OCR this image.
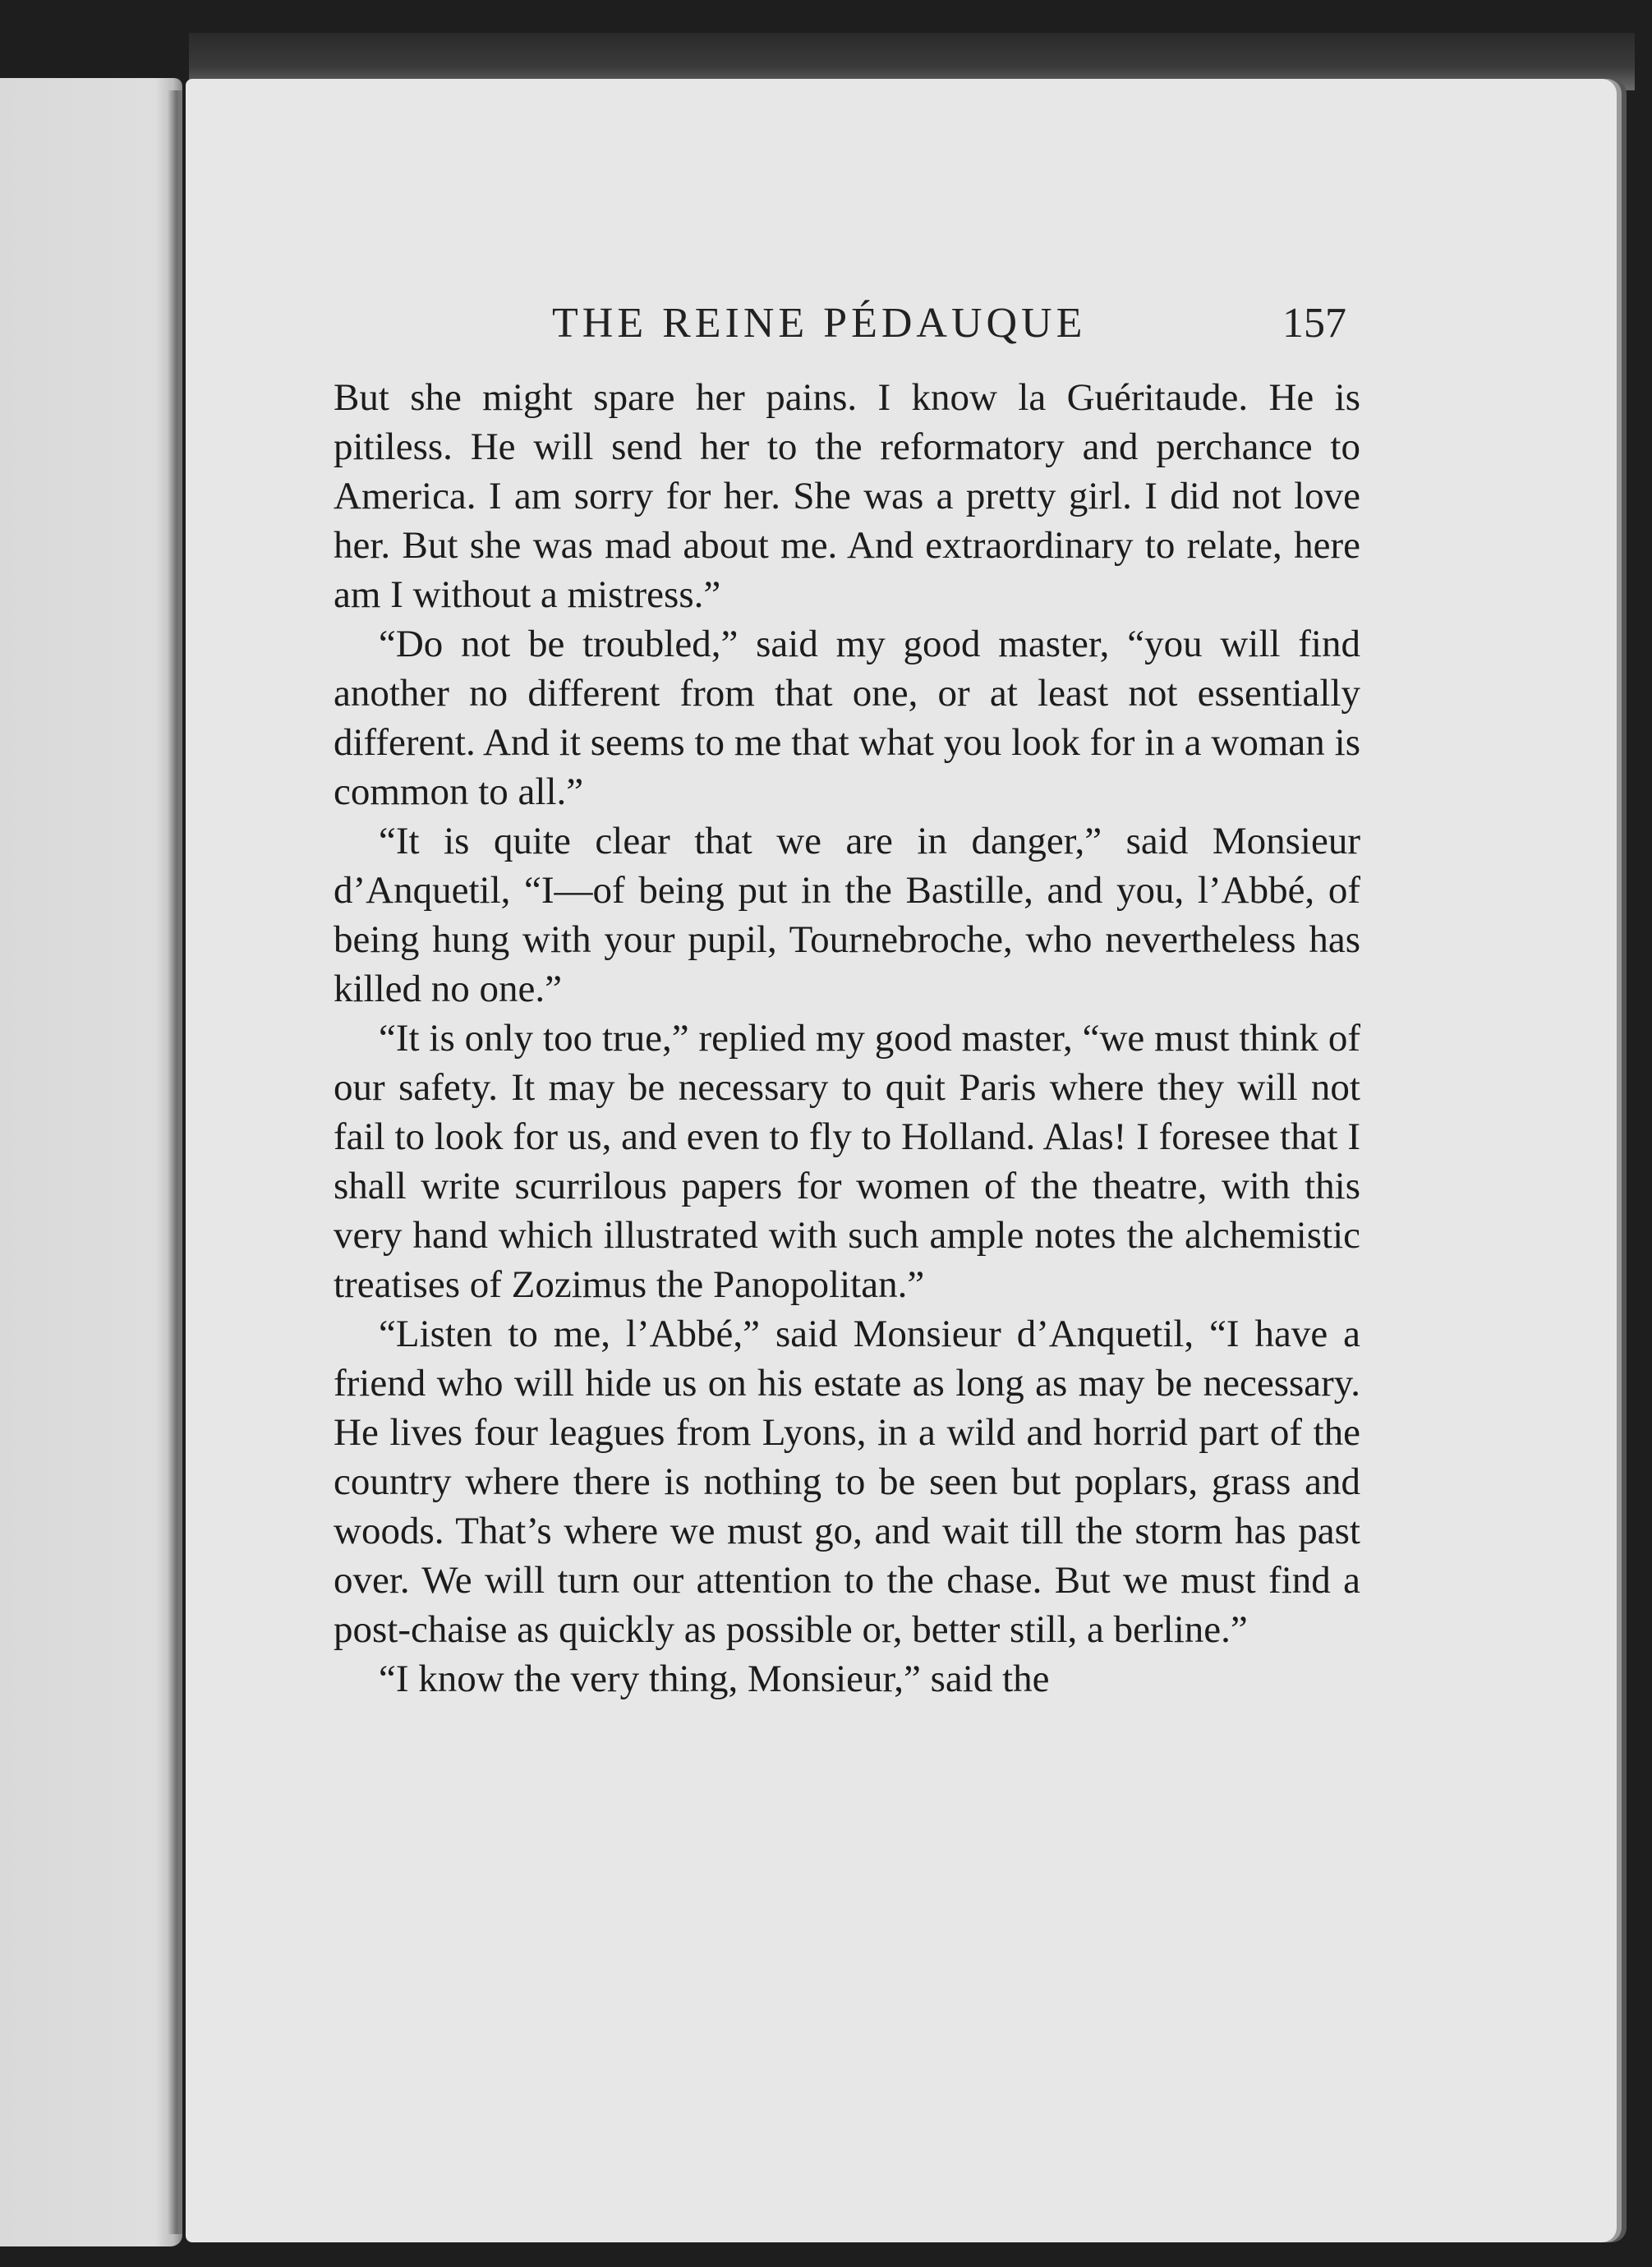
THE REINE PÉDAUQUE	157

But she might spare her pains. I know la Guéritaude. He is pitiless. He will send her to the reformatory and perchance to America. I am sorry for her. She was a pretty girl. I did not love her. But she was mad about me. And extraordinary to relate, here am I without a mistress.”

“Do not be troubled,” said my good master, “you will find another no different from that one, or at least not essentially different. And it seems to me that what you look for in a woman is common to all.”

“It is quite clear that we are in danger,” said Monsieur d’Anquetil, “I—of being put in the Bastille, and you, l’Abbé, of being hung with your pupil, Tournebroche, who nevertheless has killed no one.”

“It is only too true,” replied my good master, “we must think of our safety. It may be necessary to quit Paris where they will not fail to look for us, and even to fly to Holland. Alas! I foresee that I shall write scurrilous papers for women of the theatre, with this very hand which illustrated with such ample notes the alchemistic treatises of Zozimus the Panopolitan.”

“Listen to me, l’Abbé,” said Monsieur d’Anquetil, “I have a friend who will hide us on his estate as long as may be necessary. He lives four leagues from Lyons, in a wild and horrid part of the country where there is nothing to be seen but poplars, grass and woods. That’s where we must go, and wait till the storm has past over. We will turn our attention to the chase. But we must find a post-chaise as quickly as possible or, better still, a berline.”

“I know the very thing, Monsieur,” said the
